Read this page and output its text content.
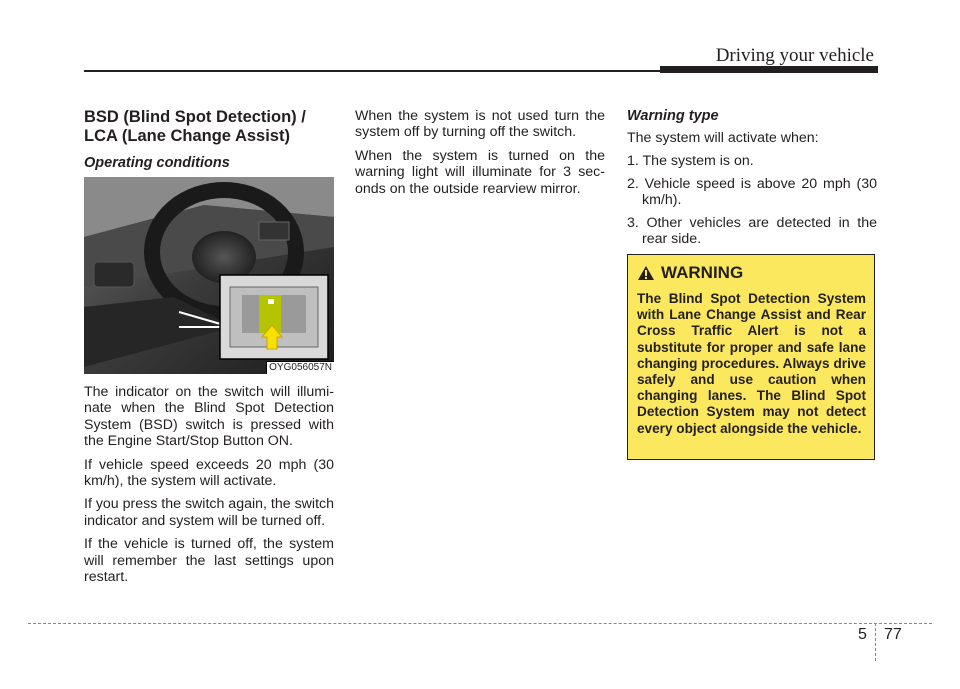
Driving your vehicle
BSD (Blind Spot Detection) / LCA (Lane Change Assist)
Operating conditions
OYG056057N

The indicator on the switch will illumi-nate when the Blind Spot Detection System (BSD) switch is pressed with the Engine Start/Stop Button ON.

If vehicle speed exceeds 20 mph (30 km/h), the system will activate.

If you press the switch again, the switch indicator and system will be turned off.

If the vehicle is turned off, the system will remember the last settings upon restart.

When the system is not used turn the system off by turning off the switch.

When the system is turned on the warning light will illuminate for 3 sec-onds on the outside rearview mirror.

Warning type

The system will activate when:

1. The system is on.

2. Vehicle speed is above 20 mph (30 km/h).

3. Other vehicles are detected in the rear side.

WARNING

The Blind Spot Detection System with Lane Change Assist and Rear Cross Traffic Alert is not a substitute for proper and safe lane changing procedures. Always drive safely and use caution when changing lanes. The Blind Spot Detection System may not detect every object alongside the vehicle.

5 77
